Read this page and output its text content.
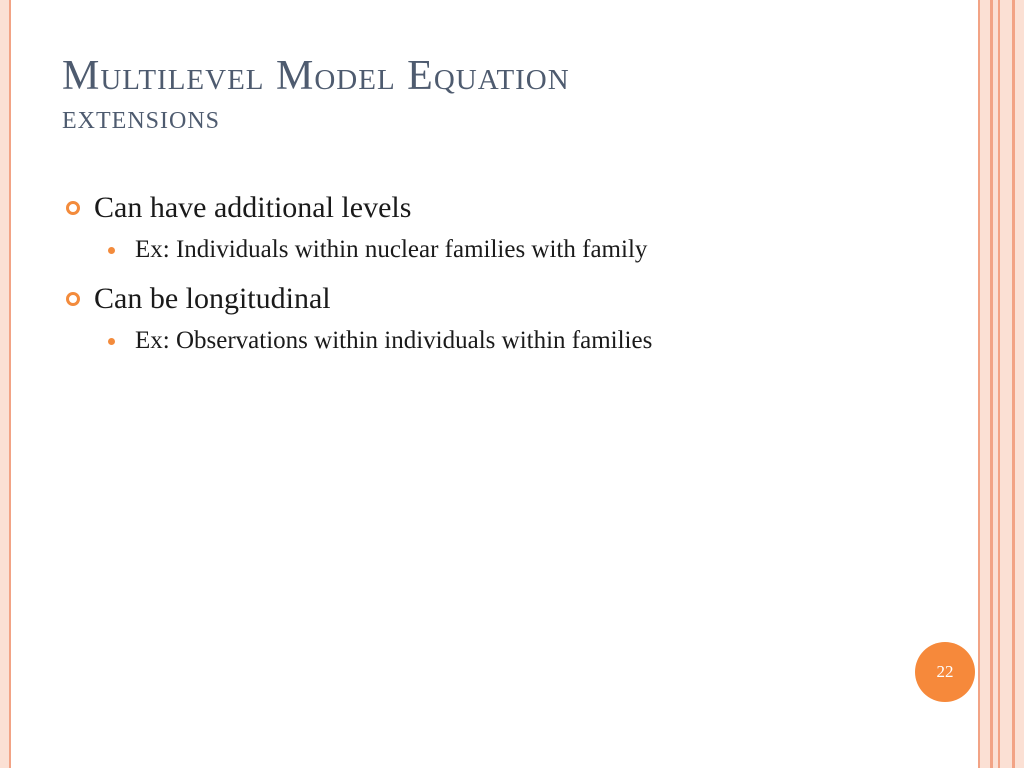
Multilevel Model Equation
extensions
Can have additional levels
Ex: Individuals within nuclear families with family
Can be longitudinal
Ex: Observations within individuals within families
22
